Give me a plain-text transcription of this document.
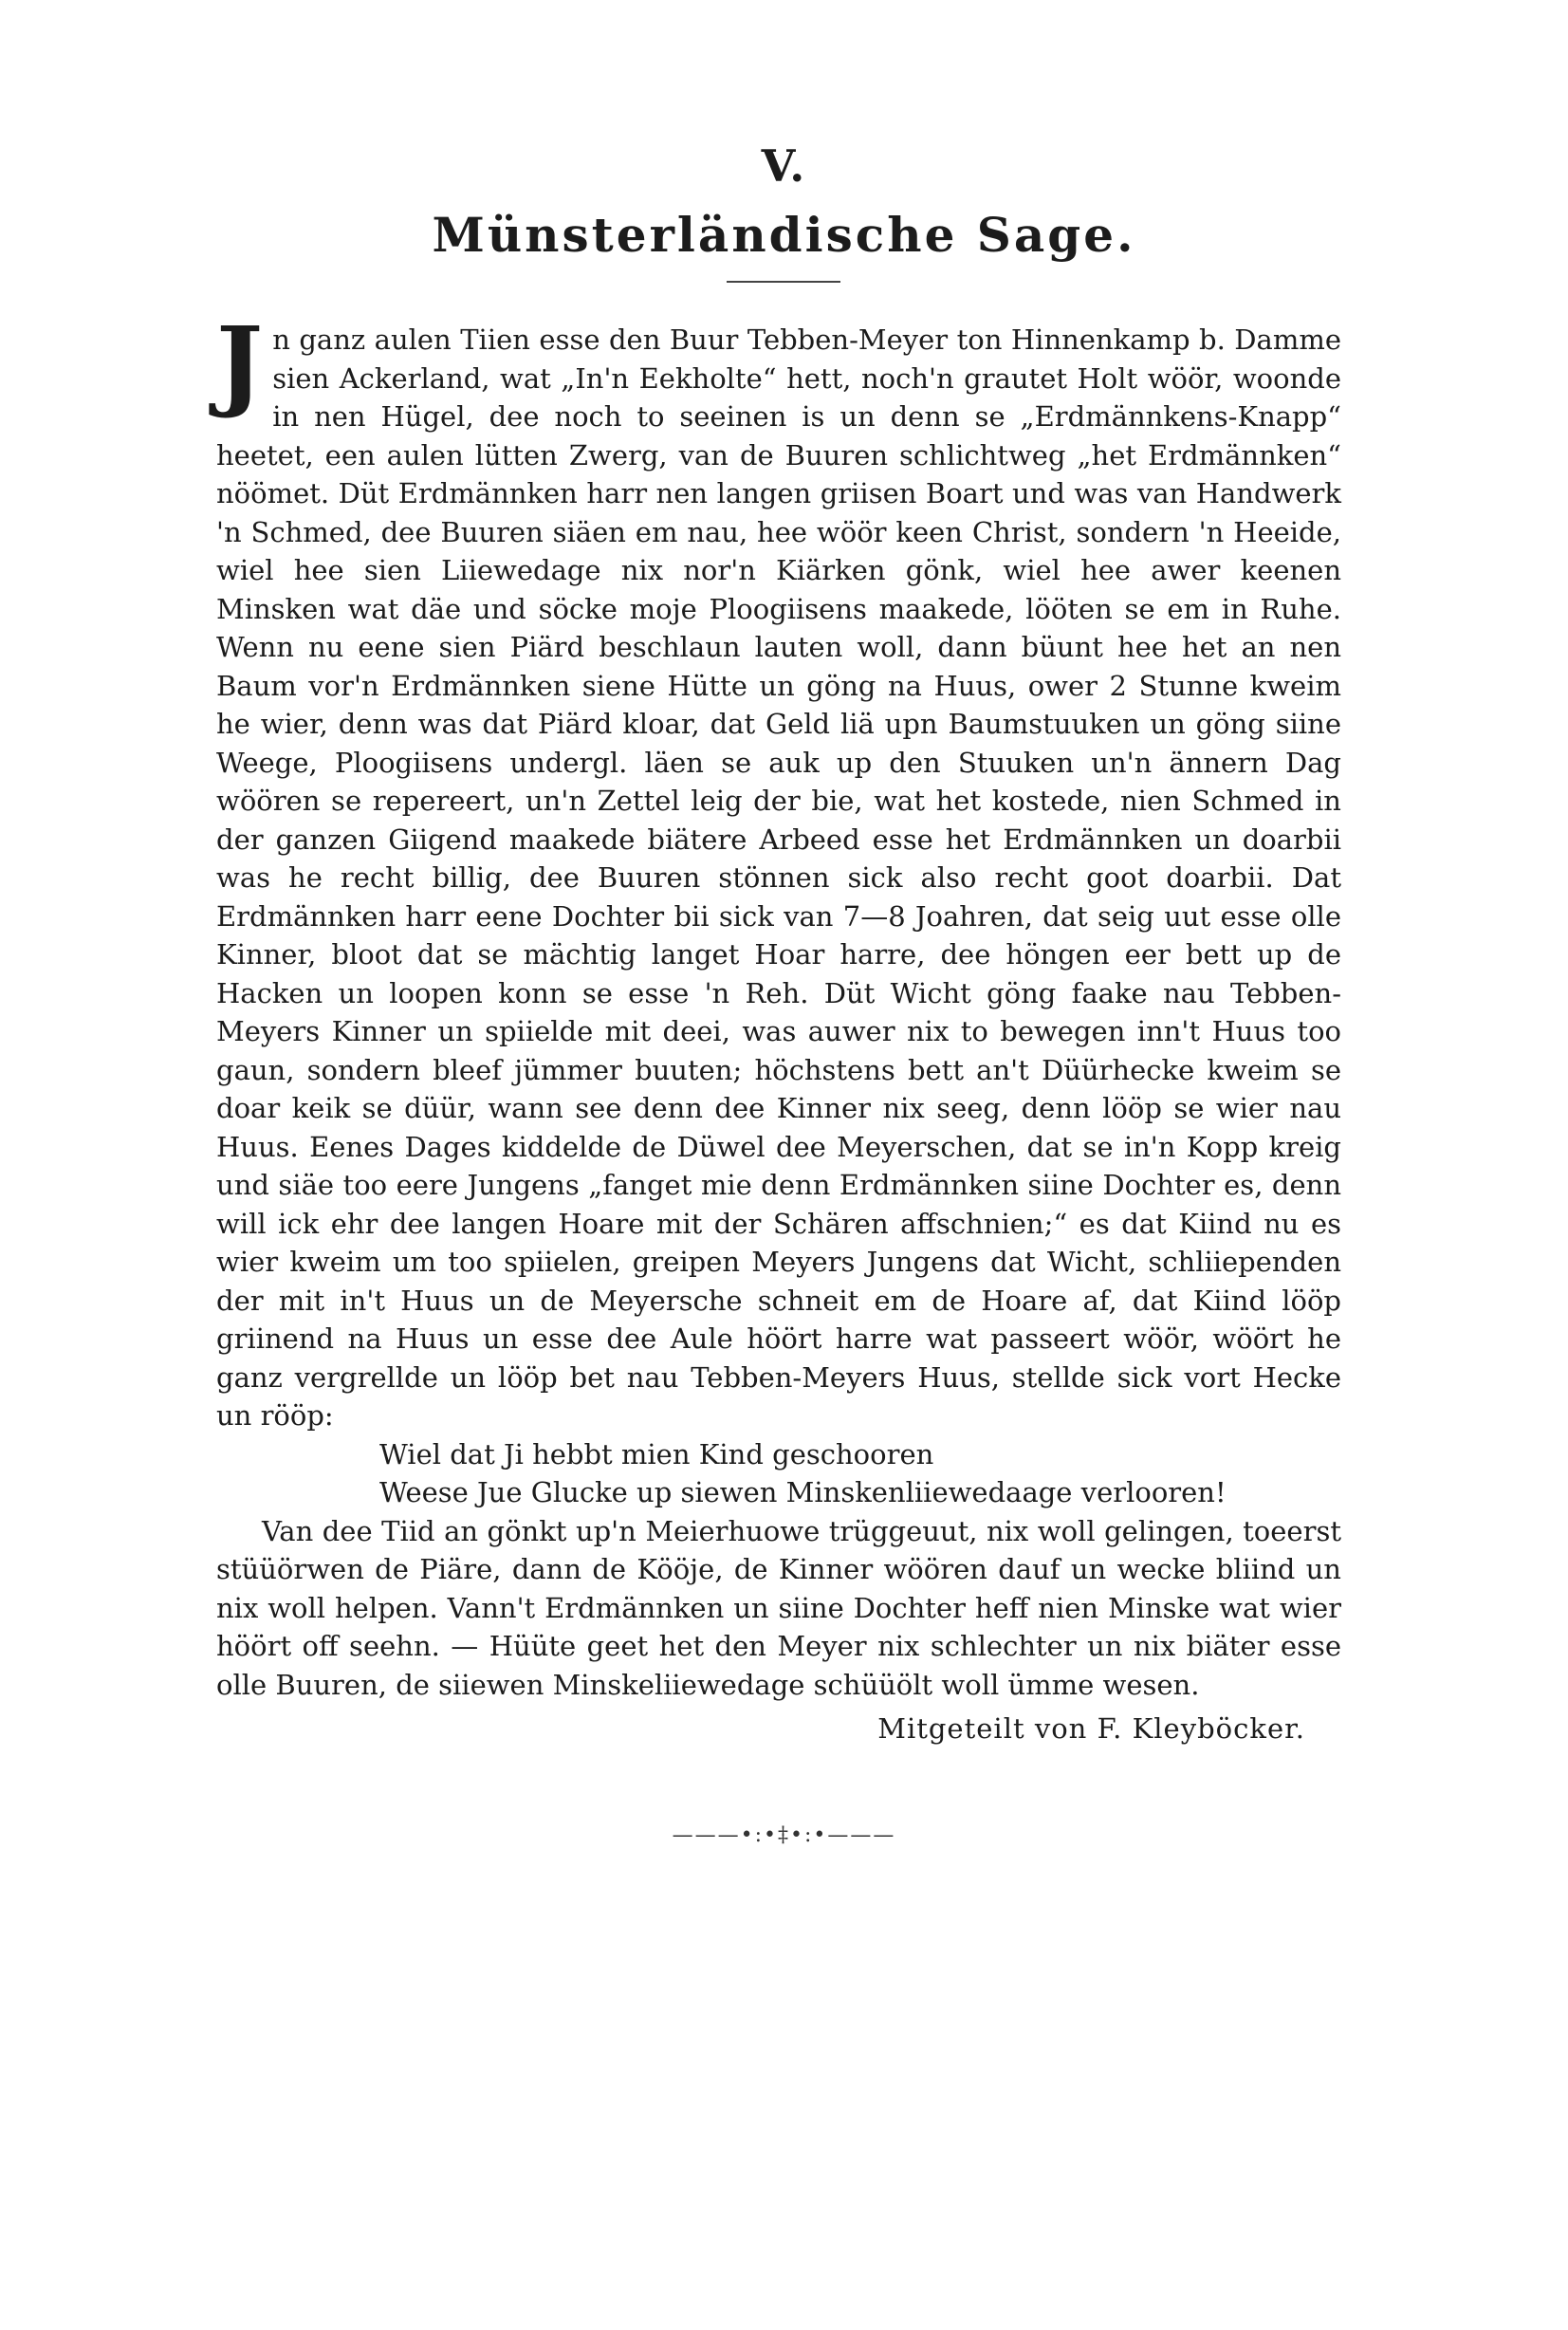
V.
Münsterländische Sage.

Jn ganz aulen Tiien esse den Buur Tebben-Meyer ton Hinnenkamp b. Damme sien Ackerland, wat „In'n Eekholte“ hett, noch'n grautet Holt wöör, woonde in nen Hügel, dee noch to seeinen is un denn se „Erdmännkens-Knapp“ heetet, een aulen lütten Zwerg, van de Buuren schlichtweg „het Erdmännken“ nöömet. Düt Erdmännken harr nen langen griisen Boart und was van Handwerk 'n Schmed, dee Buuren siäen em nau, hee wöör keen Christ, sondern 'n Heeide, wiel hee sien Liiewedage nix nor'n Kiärken gönk, wiel hee awer keenen Minsken wat däe und söcke moje Ploogiisens maakede, lööten se em in Ruhe. Wenn nu eene sien Piärd beschlaun lauten woll, dann büunt hee het an nen Baum vor'n Erdmännken siene Hütte un göng na Huus, ower 2 Stunne kweim he wier, denn was dat Piärd kloar, dat Geld liä upn Baumstuuken un göng siine Weege, Ploogiisens undergl. läen se auk up den Stuuken un'n ännern Dag wöören se repereert, un'n Zettel leig der bie, wat het kostede, nien Schmed in der ganzen Giigend maakede biätere Arbeed esse het Erdmännken un doarbii was he recht billig, dee Buuren stönnen sick also recht goot doarbii. Dat Erdmännken harr eene Dochter bii sick van 7—8 Joahren, dat seig uut esse olle Kinner, bloot dat se mächtig langet Hoar harre, dee höngen eer bett up de Hacken un loopen konn se esse 'n Reh. Düt Wicht göng faake nau Tebben-Meyers Kinner un spiielde mit deei, was auwer nix to bewegen inn't Huus too gaun, sondern bleef jümmer buuten; höchstens bett an't Düürhecke kweim se doar keik se düür, wann see denn dee Kinner nix seeg, denn lööp se wier nau Huus. Eenes Dages kiddelde de Düwel dee Meyerschen, dat se in'n Kopp kreig und siäe too eere Jungens „fanget mie denn Erdmännken siine Dochter es, denn will ick ehr dee langen Hoare mit der Schären affschnien;“ es dat Kiind nu es wier kweim um too spiielen, greipen Meyers Jungens dat Wicht, schliiependen der mit in't Huus un de Meyersche schneit em de Hoare af, dat Kiind lööp griinend na Huus un esse dee Aule höört harre wat passeert wöör, wöört he ganz vergrellde un lööp bet nau Tebben-Meyers Huus, stellde sick vort Hecke un rööp:

Wiel dat Ji hebbt mien Kind geschooren

Weese Jue Glucke up siewen Minskenliiewedaage verlooren!

Van dee Tiid an gönkt up'n Meierhuowe trüggeuut, nix woll gelingen, toeerst stüüörwen de Piäre, dann de Kööje, de Kinner wöören dauf un wecke bliind un nix woll helpen. Vann't Erdmännken un siine Dochter heff nien Minske wat wier höört off seehn. — Hüüte geet het den Meyer nix schlechter un nix biäter esse olle Buuren, de siiewen Minskeliiewedage schüüölt woll ümme wesen.

Mitgeteilt von F. Kleyböcker.

———•:•‡•:•———
